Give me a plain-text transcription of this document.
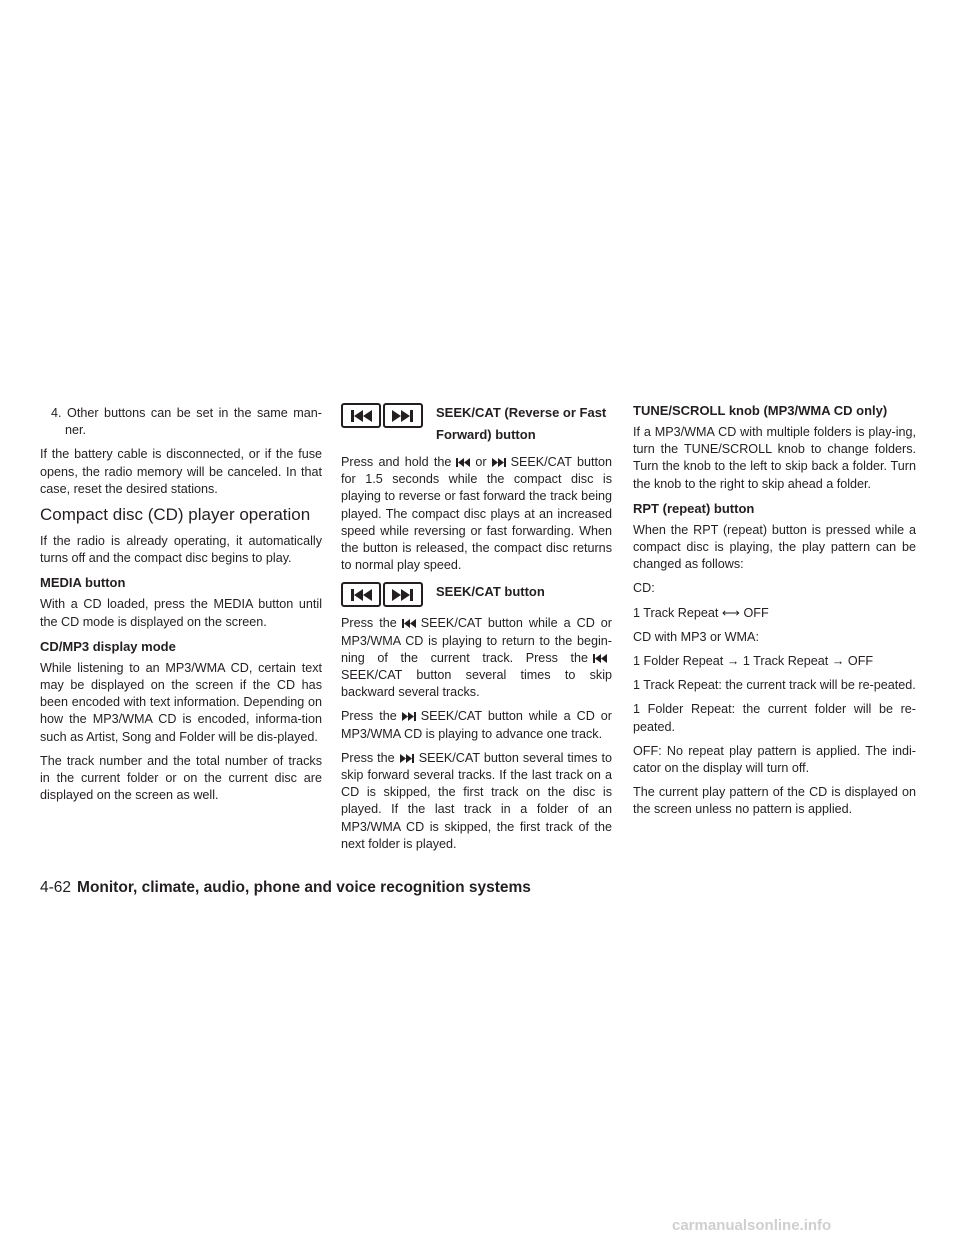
4. Other buttons can be set in the same man-ner.

If the battery cable is disconnected, or if the fuse opens, the radio memory will be canceled. In that case, reset the desired stations.

Compact disc (CD) player operation

If the radio is already operating, it automatically turns off and the compact disc begins to play.

MEDIA button

With a CD loaded, press the MEDIA button until the CD mode is displayed on the screen.

CD/MP3 display mode

While listening to an MP3/WMA CD, certain text may be displayed on the screen if the CD has been encoded with text information. Depending on how the MP3/WMA CD is encoded, informa-tion such as Artist, Song and Folder will be dis-played.

The track number and the total number of tracks in the current folder or on the current disc are displayed on the screen as well.

SEEK/CAT (Reverse or Fast Forward) button

Press and hold the or SEEK/CAT button for 1.5 seconds while the compact disc is playing to reverse or fast forward the track being played. The compact disc plays at an increased speed while reversing or fast forwarding. When the button is released, the compact disc returns to normal play speed.

SEEK/CAT button

Press the SEEK/CAT button while a CD or MP3/WMA CD is playing to return to the begin-ning of the current track. Press theSEEK/CAT button several times to skip backward several tracks.

Press the SEEK/CAT button while a CD or MP3/WMA CD is playing to advance one track.

Press the SEEK/CAT button several times to skip forward several tracks. If the last track on a CD is skipped, the first track on the disc is played. If the last track in a folder of an MP3/WMA CD is skipped, the first track of the next folder is played.

TUNE/SCROLL knob (MP3/WMA CD only)

If a MP3/WMA CD with multiple folders is play-ing, turn the TUNE/SCROLL knob to change folders. Turn the knob to the left to skip back a folder. Turn the knob to the right to skip ahead a folder.

RPT (repeat) button

When the RPT (repeat) button is pressed while a compact disc is playing, the play pattern can be changed as follows:

CD:

1 Track Repeat ⟷ OFF

CD with MP3 or WMA:

1 Folder Repeat → 1 Track Repeat → OFF

1 Track Repeat: the current track will be re-peated.

1 Folder Repeat: the current folder will be re-peated.

OFF: No repeat play pattern is applied. The indi-cator on the display will turn off.

The current play pattern of the CD is displayed on the screen unless no pattern is applied.

4-62 Monitor, climate, audio, phone and voice recognition systems
carmanualsonline.info
